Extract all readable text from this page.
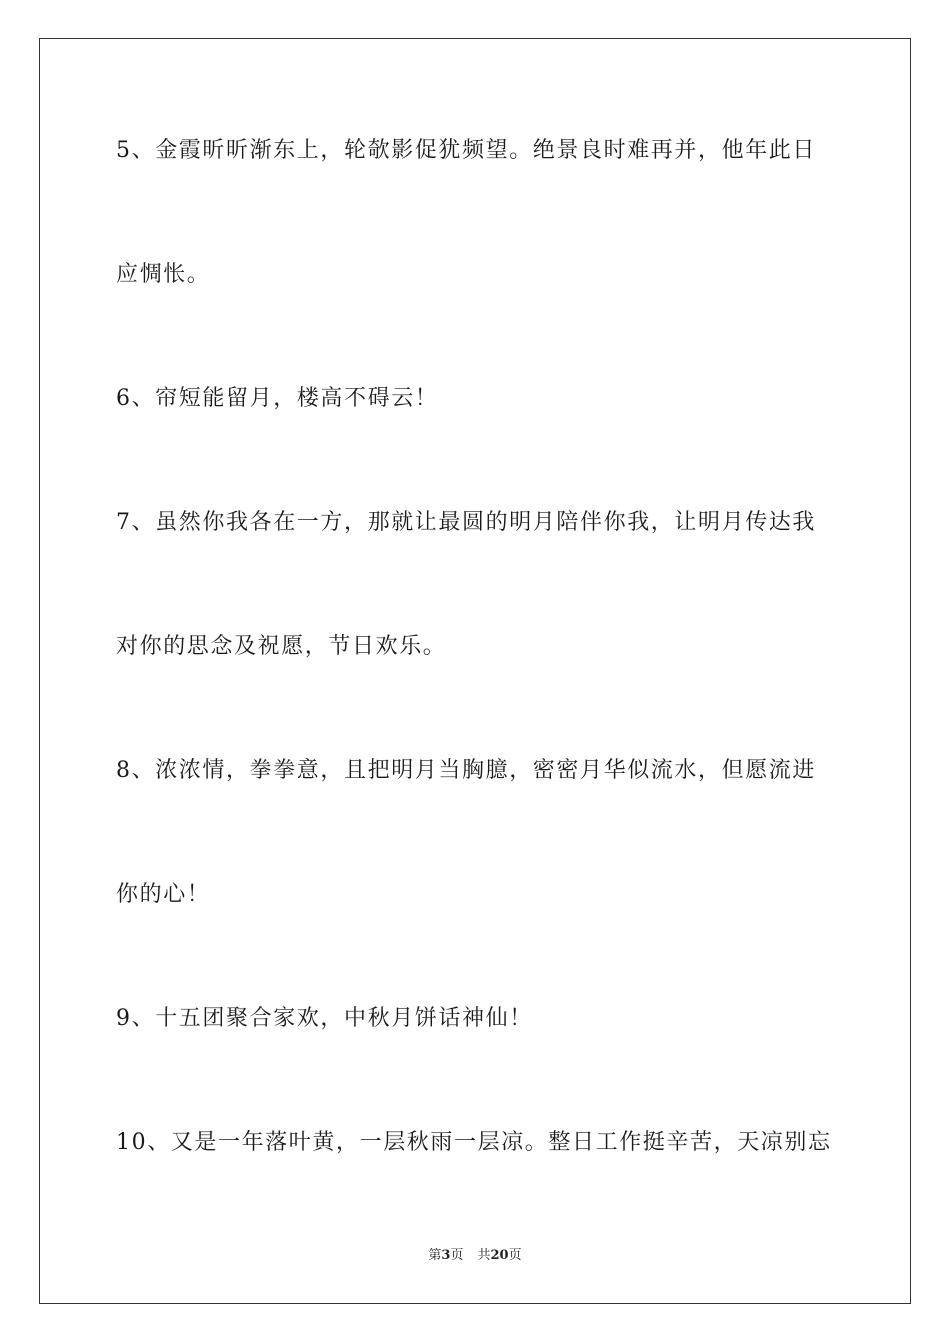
5、金霞昕昕渐东上，轮欹影促犹频望。绝景良时难再并，他年此日
应惆怅。
6、帘短能留月，楼高不碍云！
7、虽然你我各在一方，那就让最圆的明月陪伴你我，让明月传达我
对你的思念及祝愿，节日欢乐。
8、浓浓情，拳拳意，且把明月当胸臆，密密月华似流水，但愿流进
你的心！
9、十五团聚合家欢，中秋月饼话神仙！
10、又是一年落叶黄，一层秋雨一层凉。整日工作挺辛苦，天凉别忘
第3页 共20页
